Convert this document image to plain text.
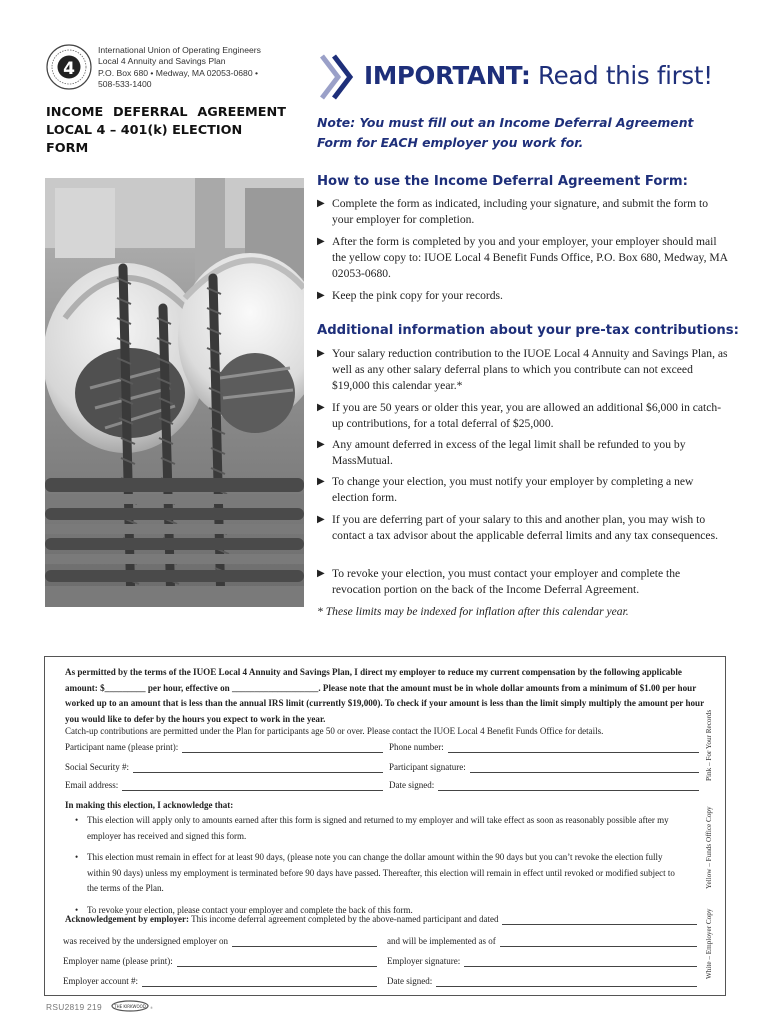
4
International Union of Operating Engineers
Local 4 Annuity and Savings Plan
P.O. Box 680 • Medway, MA 02053-0680 •
508-533-1400
INCOME DEFERRAL AGREEMENT
LOCAL 4 – 401(k) ELECTION FORM
IMPORTANT: Read this first!
Note: You must fill out an Income Deferral Agreement Form for EACH employer you work for.
How to use the Income Deferral Agreement Form:
▶ Complete the form as indicated, including your signature, and submit the form to your employer for completion.
▶ After the form is completed by you and your employer, your employer should mail the yellow copy to: IUOE Local 4 Benefit Funds Office, P.O. Box 680, Medway, MA 02053-0680.
▶ Keep the pink copy for your records.
Additional information about your pre-tax contributions:
▶ Your salary reduction contribution to the IUOE Local 4 Annuity and Savings Plan, as well as any other salary deferral plans to which you contribute can not exceed $19,000 this calendar year.*
▶ If you are 50 years or older this year, you are allowed an additional $6,000 in catch-up contributions, for a total deferral of $25,000.
▶ Any amount deferred in excess of the legal limit shall be refunded to you by MassMutual.
▶ To change your election, you must notify your employer by completing a new election form.
▶ If you are deferring part of your salary to this and another plan, you may wish to contact a tax advisor about the applicable deferral limits and any tax consequences.
▶ To revoke your election, you must contact your employer and complete the revocation portion on the back of the Income Deferral Agreement.
* These limits may be indexed for inflation after this calendar year.
As permitted by the terms of the IUOE Local 4 Annuity and Savings Plan, I direct my employer to reduce my current compensation by the following applicable amount: $_________ per hour, effective on ___________________. Please note that the amount must be in whole dollar amounts from a minimum of $1.00 per hour worked up to an amount that is less than the annual IRS limit (currently $19,000). To check if your amount is less than the limit simply multiply the amount per hour you would like to defer by the hours you expect to work in the year.
Catch-up contributions are permitted under the Plan for participants age 50 or over. Please contact the IUOE Local 4 Benefit Funds Office for details.
Participant name (please print):	Phone number:
Social Security #:	Participant signature:
Email address:	Date signed:
In making this election, I acknowledge that:
• This election will apply only to amounts earned after this form is signed and returned to my employer and will take effect as soon as reasonably possible after my employer has received and signed this form.
• This election must remain in effect for at least 90 days, (please note you can change the dollar amount within the 90 days but you can’t revoke the election fully within 90 days) unless my employment is terminated before 90 days have passed. Thereafter, this election will remain in effect until revoked or modified subject to the terms of the Plan.
• To revoke your election, please contact your employer and complete the back of this form.
Acknowledgement by employer: This income deferral agreement completed by the above-named participant and dated
was received by the undersigned employer on	and will be implemented as of
Employer name (please print):	Employer signature:
Employer account #:	Date signed:
Pink – For Your Records
Yellow – Funds Office Copy
White – Employer Copy
RSU2819 219	THE KIRKWOOD ®
